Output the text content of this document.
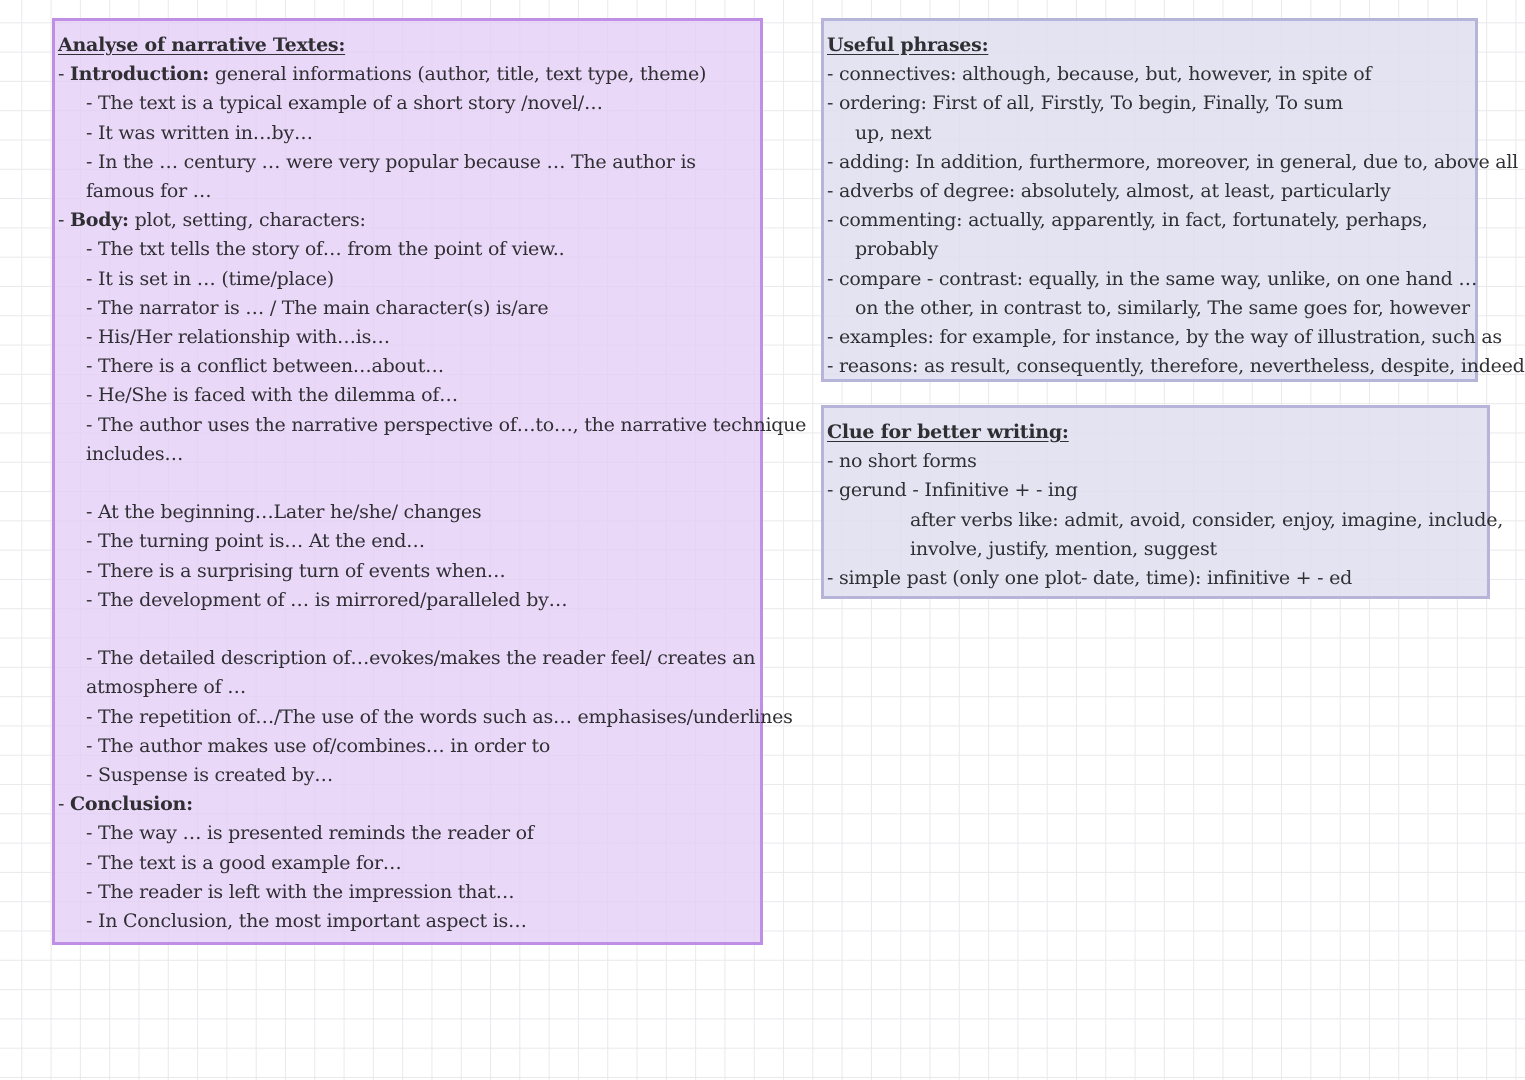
Analyse of narrative Textes:
- Introduction: general informations (author, title, text type, theme)
- The text is a typical example of a short story /novel/…
- It was written in…by…
- In the … century … were very popular because … The author is
famous for …
- Body: plot, setting, characters:
- The txt tells the story of… from the point of view..
- It is set in … (time/place)
- The narrator is … / The main character(s) is/are
- His/Her relationship with…is…
- There is a conflict between…about…
- He/She is faced with the dilemma of…
- The author uses the narrative perspective of…to…, the narrative technique
includes…
- At the beginning…Later he/she/ changes
- The turning point is… At the end…
- There is a surprising turn of events when…
- The development of … is mirrored/paralleled by…
- The detailed description of…evokes/makes the reader feel/ creates an
atmosphere of …
- The repetition of…/The use of the words such as… emphasises/underlines
- The author makes use of/combines… in order to
- Suspense is created by…
- Conclusion:
- The way … is presented reminds the reader of
- The text is a good example for…
- The reader is left with the impression that…
- In Conclusion, the most important aspect is…
Useful phrases:
- connectives: although, because, but, however, in spite of
- ordering: First of all, Firstly, To begin, Finally, To sum
up, next
- adding: In addition, furthermore, moreover, in general, due to, above all
- adverbs of degree: absolutely, almost, at least, particularly
- commenting: actually, apparently, in fact, fortunately, perhaps,
probably
- compare - contrast: equally, in the same way, unlike, on one hand …
on the other, in contrast to, similarly, The same goes for, however
- examples: for example, for instance, by the way of illustration, such as
- reasons: as result, consequently, therefore, nevertheless, despite, indeed
Clue for better writing:
- no short forms
- gerund - Infinitive + - ing
after verbs like: admit, avoid, consider, enjoy, imagine, include,
involve, justify, mention, suggest
- simple past (only one plot- date, time): infinitive + - ed
